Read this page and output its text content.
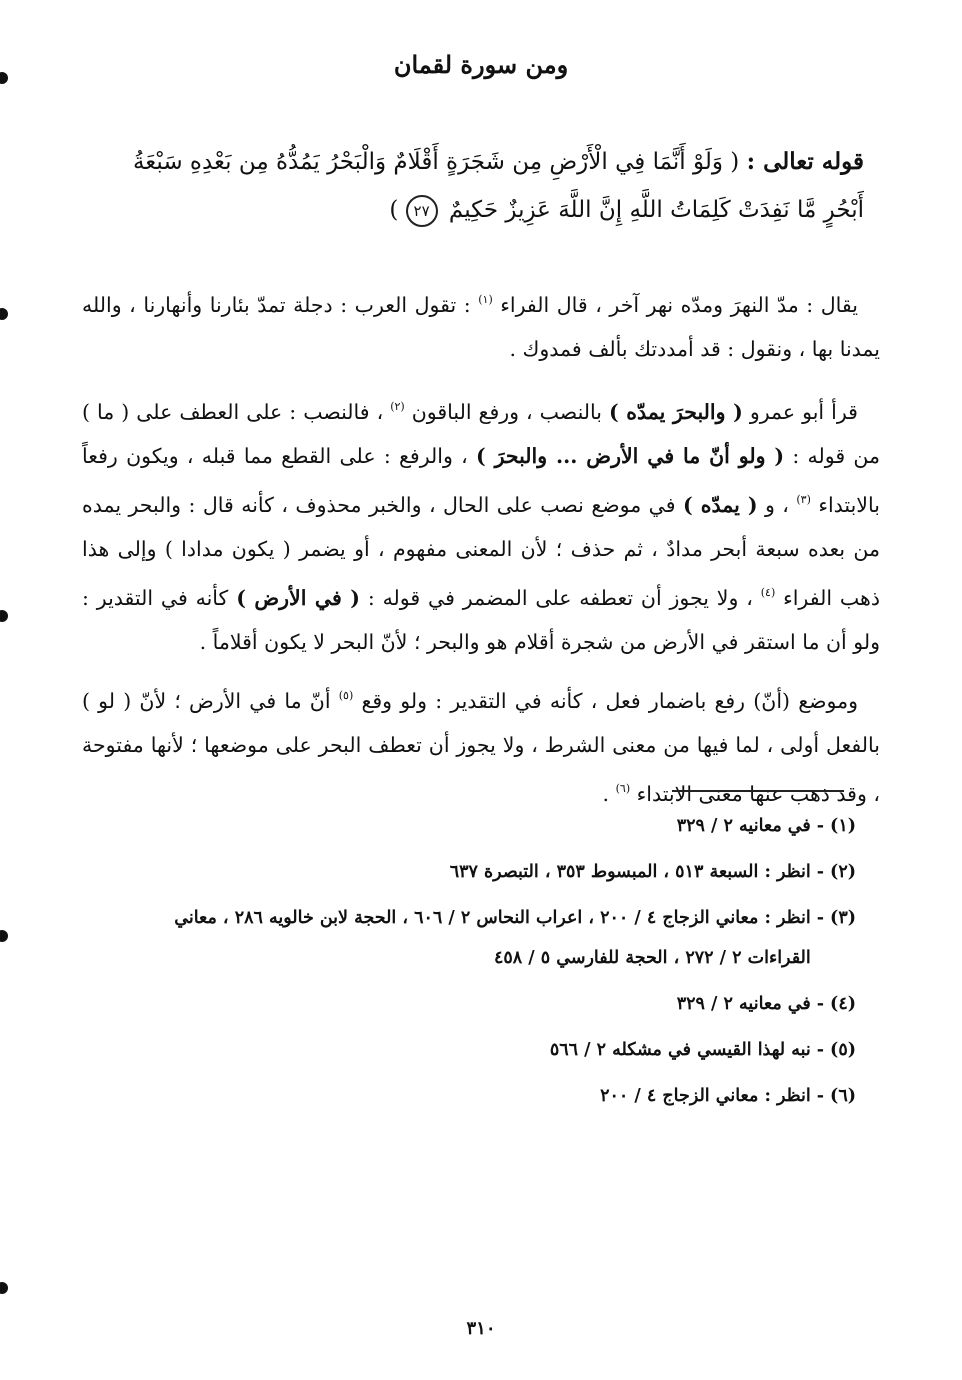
ومن سورة لقمان
قوله تعالى : ( وَلَوْ أَنَّمَا فِي الْأَرْضِ مِن شَجَرَةٍ أَقْلَامٌ وَالْبَحْرُ يَمُدُّهُ مِن بَعْدِهِ سَبْعَةُ أَبْحُرٍ مَّا نَفِدَتْ كَلِمَاتُ اللَّهِ إِنَّ اللَّهَ عَزِيزٌ حَكِيمٌ ٢٧ )

يقال : مدّ النهرَ ومدّه نهر آخر ، قال الفراء $^{(١)}$ : تقول العرب : دجلة تمدّ بئارنا وأنهارنا ، والله يمدنا بها ، ونقول : قد أمددتك بألف فمدوك .

قرأ أبو عمرو ( والبحرَ يمدّه ) بالنصب ، ورفع الباقون $^{(٢)}$ ، فالنصب : على العطف على ( ما ) من قوله : ( ولو أنّ ما في الأرض ... والبحرَ ) ، والرفع : على القطع مما قبله ، ويكون رفعاً بالابتداء $^{(٣)}$ ، و ( يمدّه ) في موضع نصب على الحال ، والخبر محذوف ، كأنه قال : والبحر يمده من بعده سبعة أبحر مدادٌ ، ثم حذف ؛ لأن المعنى مفهوم ، أو يضمر ( يكون مدادا ) وإلى هذا ذهب الفراء $^{(٤)}$ ، ولا يجوز أن تعطفه على المضمر في قوله : ( في الأرض ) كأنه في التقدير : ولو أن ما استقر في الأرض من شجرة أقلام هو والبحر ؛ لأنّ البحر لا يكون أقلاماً .

وموضع (أنّ) رفع باضمار فعل ، كأنه في التقدير : ولو وقع $^{(٥)}$ أنّ ما في الأرض ؛ لأنّ ( لو ) بالفعل أولى ، لما فيها من معنى الشرط ، ولا يجوز أن تعطف البحر على موضعها ؛ لأنها مفتوحة ، وقد ذهب عنها معنى الابتداء $^{(٦)}$ .

(١)
-
في معانيه ٢ / ٣٢٩
(٢)
-
انظر : السبعة ٥١٣ ، المبسوط ٣٥٣ ، التبصرة ٦٣٧
(٣)
-
انظر : معاني الزجاج ٤ / ٢٠٠ ، اعراب النحاس ٢ / ٦٠٦ ، الحجة لابن خالويه ٢٨٦ ، معاني القراءات ٢ / ٢٧٢ ، الحجة للفارسي ٥ / ٤٥٨
(٤)
-
في معانيه ٢ / ٣٢٩
(٥)
-
نبه لهذا القيسي في مشكله ٢ / ٥٦٦
(٦)
-
انظر : معاني الزجاج ٤ / ٢٠٠
٣١٠
